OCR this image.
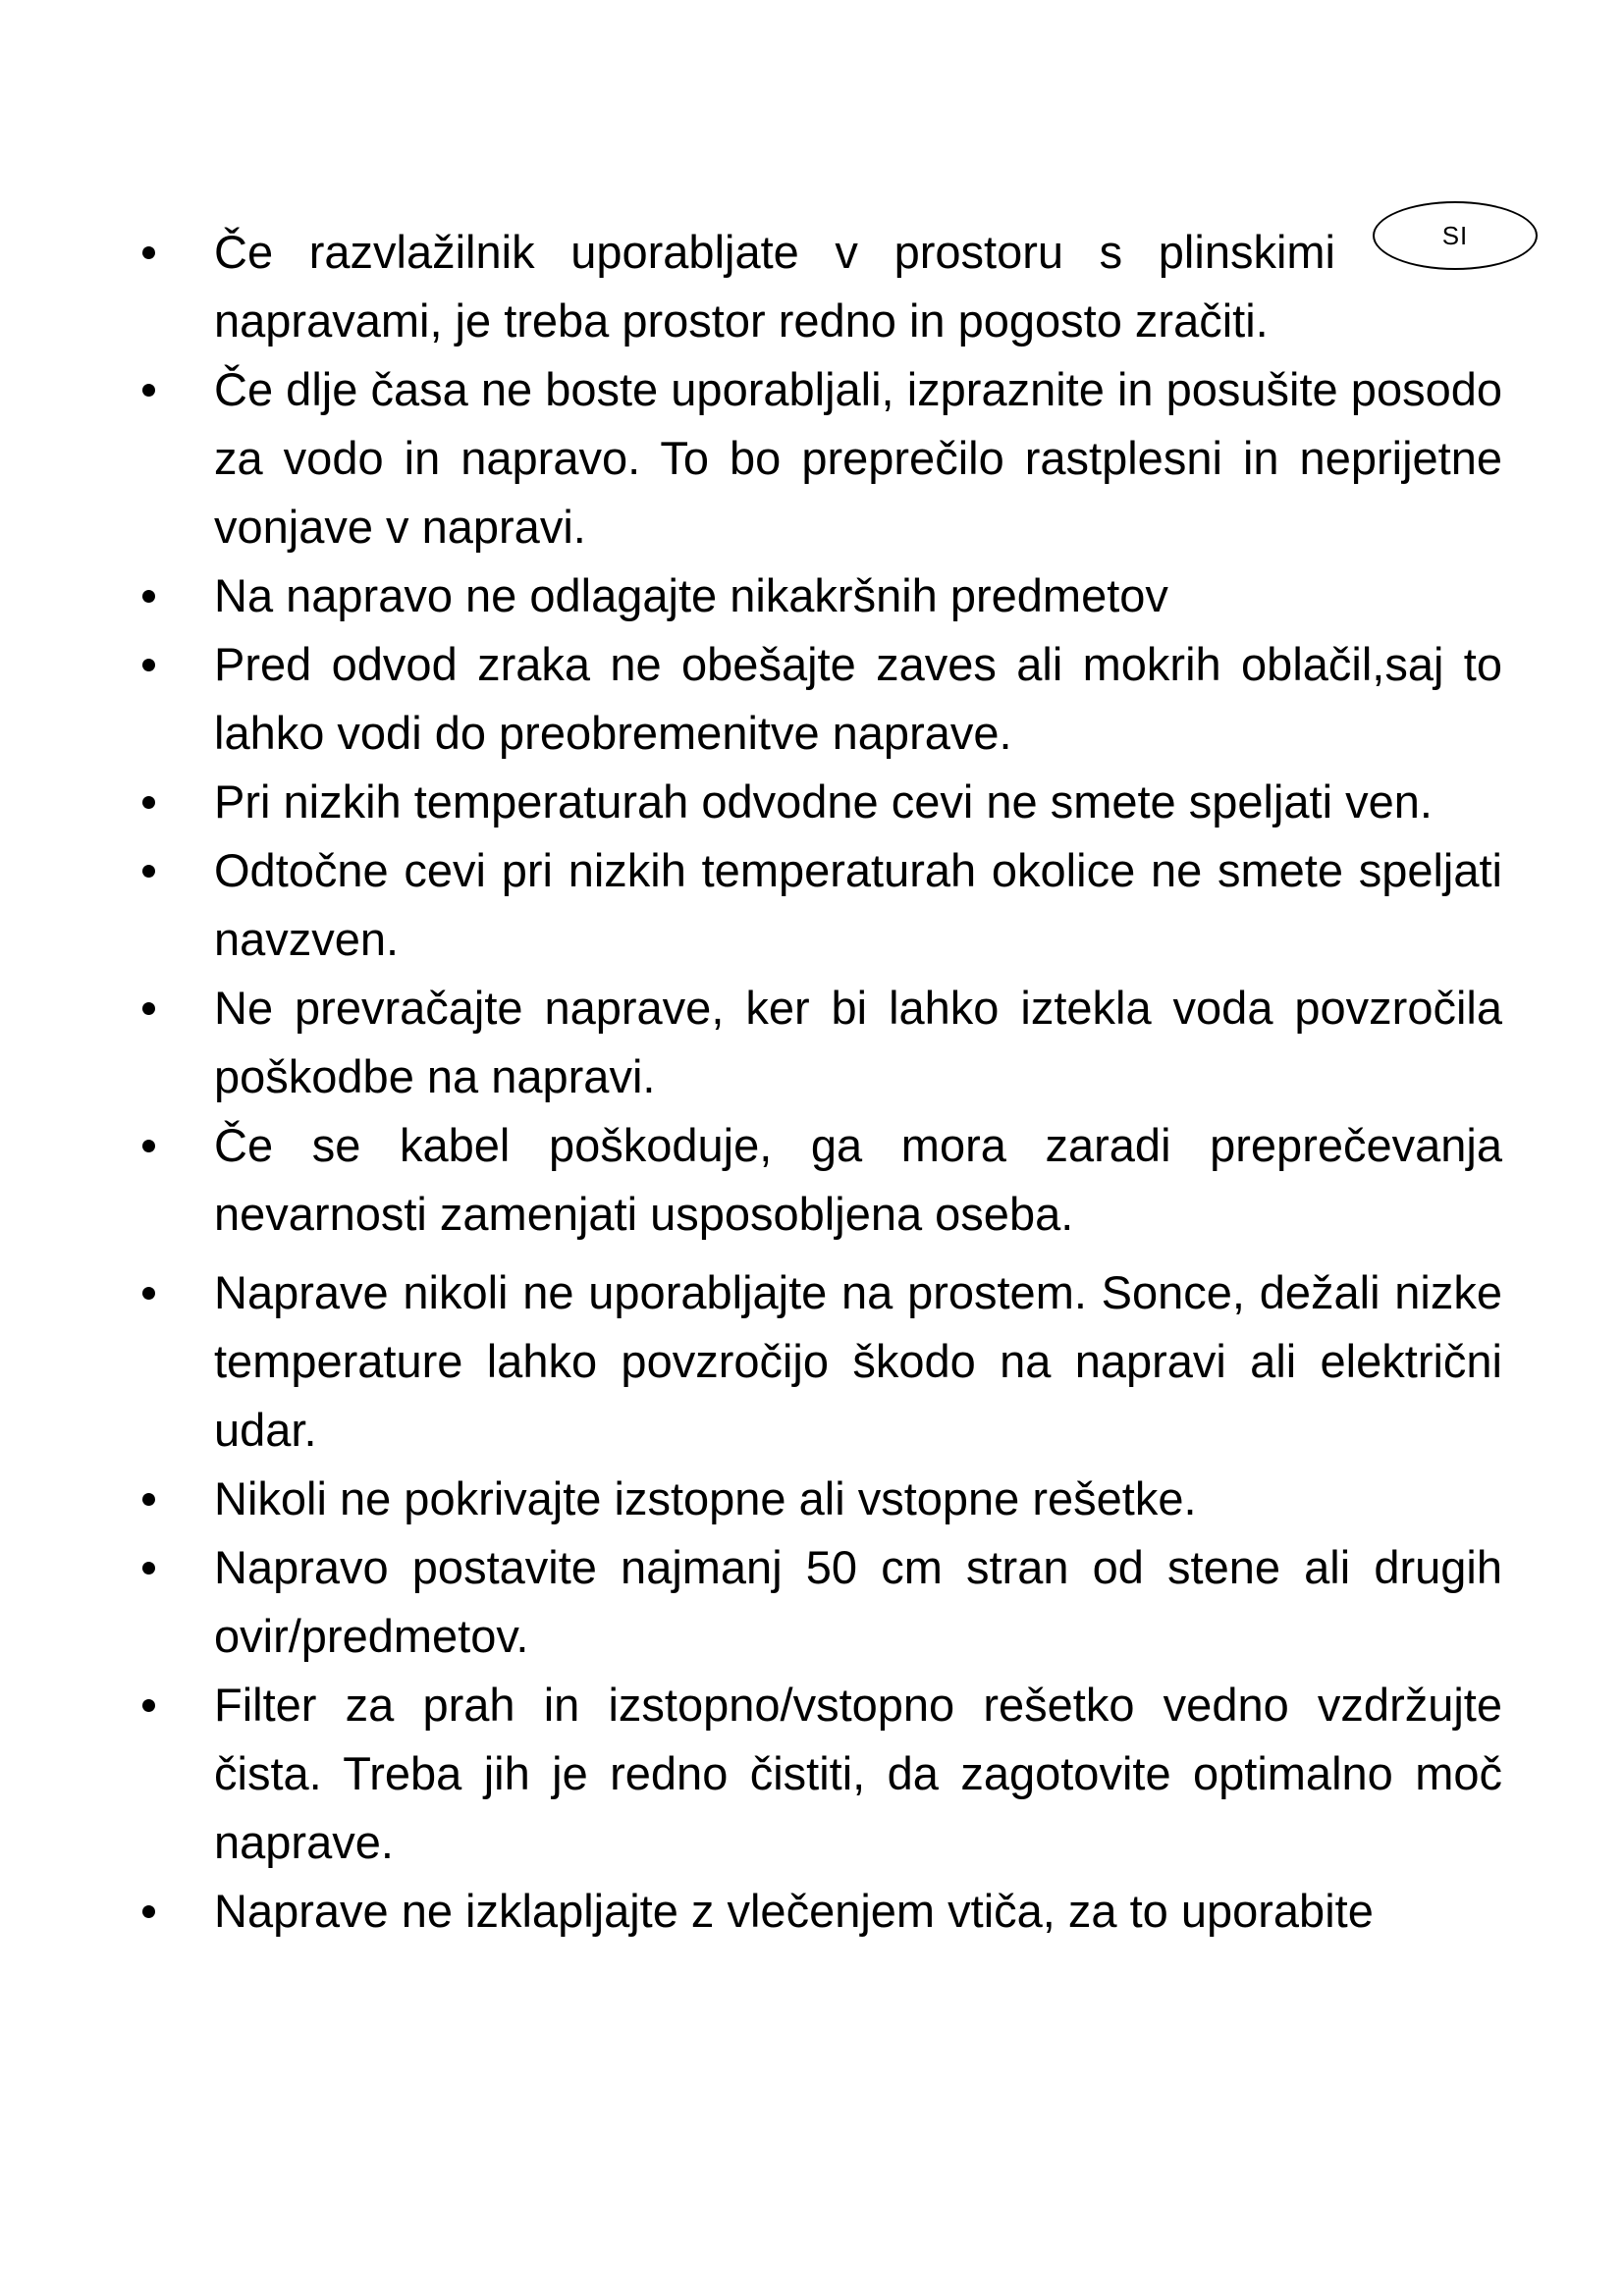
SI
Če razvlažilnik uporabljate v prostoru s plinskimi napravami, je treba prostor redno in pogosto zračiti.
Če dlje časa ne boste uporabljali, izpraznite in posušite posodo za vodo in napravo. To bo preprečilo rastplesni in neprijetne vonjave v napravi.
Na napravo ne odlagajte nikakršnih predmetov
Pred odvod zraka ne obešajte zaves ali mokrih oblačil,saj to lahko vodi do preobremenitve naprave.
Pri nizkih temperaturah odvodne cevi ne smete speljati ven.
Odtočne cevi pri nizkih temperaturah okolice ne smete speljati navzven.
Ne prevračajte naprave, ker bi lahko iztekla voda povzročila poškodbe na napravi.
Če se kabel poškoduje, ga mora zaradi preprečevanja nevarnosti zamenjati usposobljena oseba.
Naprave nikoli ne uporabljajte na prostem. Sonce, dežali nizke temperature lahko povzročijo škodo na napravi ali električni udar.
Nikoli ne pokrivajte izstopne ali vstopne rešetke.
Napravo postavite najmanj 50 cm stran od stene ali drugih ovir/predmetov.
Filter za prah in izstopno/vstopno rešetko vedno vzdržujte čista. Treba jih je redno čistiti, da zagotovite optimalno moč naprave.
Naprave ne izklapljajte z vlečenjem vtiča, za to uporabite
